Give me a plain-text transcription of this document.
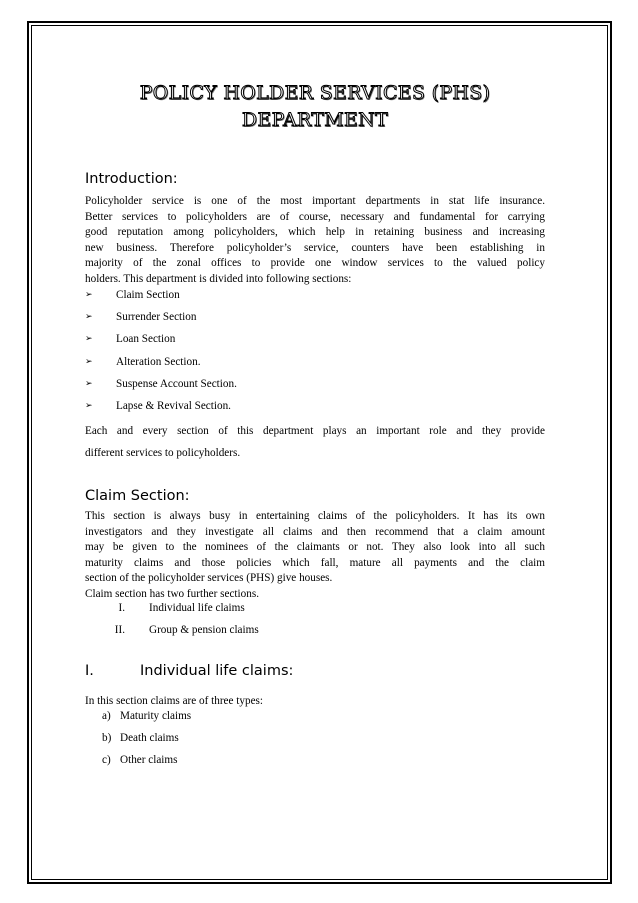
POLICY HOLDER SERVICES (PHS)
DEPARTMENT
Introduction:
Policyholder service is one of the most important departments in stat life insurance.
Better services to policyholders are of course, necessary and fundamental for carrying
good reputation among policyholders, which help in retaining business and increasing
new business. Therefore policyholder’s service, counters have been establishing in
majority of the zonal offices to provide one window services to the valued policy
holders. This department is divided into following sections:
➢ Claim Section
➢ Surrender Section
➢ Loan Section
➢ Alteration Section.
➢ Suspense Account Section.
➢ Lapse & Revival Section.
Each and every section of this department plays an important role and they provide
different services to policyholders.
Claim Section:
This section is always busy in entertaining claims of the policyholders. It has its own
investigators and they investigate all claims and then recommend that a claim amount
may be given to the nominees of the claimants or not. They also look into all such
maturity claims and those policies which fall, mature all payments and the claim
section of the policyholder services (PHS) give houses.
Claim section has two further sections.
I. Individual life claims
II. Group & pension claims
I.	Individual life claims:
In this section claims are of three types:
a) Maturity claims
b) Death claims
c) Other claims
